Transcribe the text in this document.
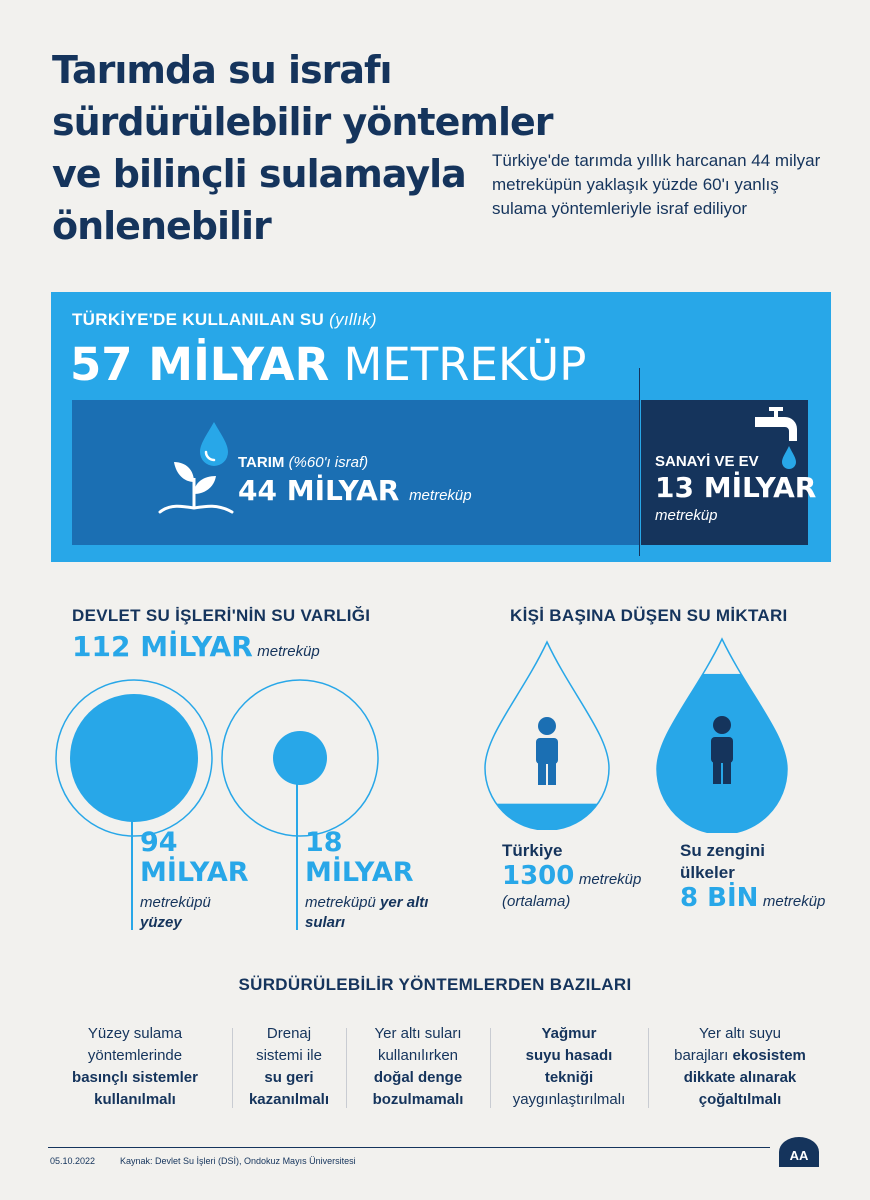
Tarımda su israfı
sürdürülebilir yöntemler
ve bilinçli sulamayla
önlenebilir
Türkiye'de tarımda yıllık harcanan 44 milyar metreküpün yaklaşık yüzde 60'ı yanlış sulama yöntemleriyle israf ediliyor
TÜRKİYE'DE KULLANILAN SU (yıllık)
57 MİLYAR METREKÜP
TARIM (%60'ı israf)
44 MİLYAR metreküp
SANAYİ VE EV
13 MİLYAR
metreküp
DEVLET SU İŞLERİ'NİN SU VARLIĞI
112 MİLYAR metreküp
94
MİLYAR
metreküpü
yüzey
18
MİLYAR
metreküpü yer altı
suları
KİŞİ BAŞINA DÜŞEN SU MİKTARI
Türkiye
1300 metreküp
(ortalama)
Su zengini
ülkeler
8 BİN metreküp
SÜRDÜRÜLEBİLİR YÖNTEMLERDEN BAZILARI
Yüzey sulama
yöntemlerinde
basınçlı sistemler
kullanılmalı
Drenaj
sistemi ile
su geri
kazanılmalı
Yer altı suları
kullanılırken
doğal denge
bozulmamalı
Yağmur
suyu hasadı
tekniği
yaygınlaştırılmalı
Yer altı suyu
barajları ekosistem
dikkate alınarak
çoğaltılmalı
05.10.2022	Kaynak: Devlet Su İşleri (DSİ), Ondokuz Mayıs Üniversitesi	AA
